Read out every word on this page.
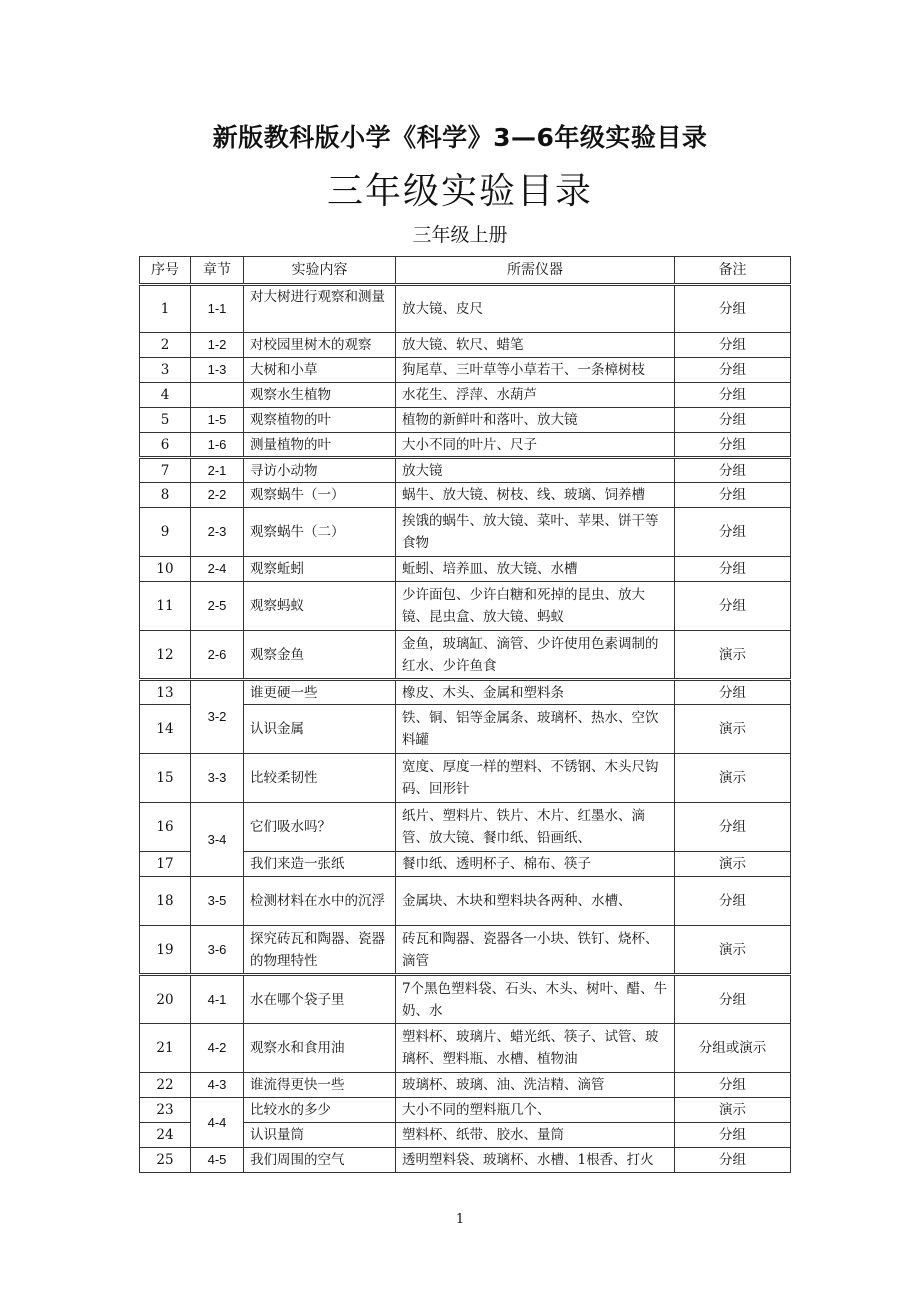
新版教科版小学《科学》3—6年级实验目录
三年级实验目录
三年级上册
序号	章节	实验内容	所需仪器	备注
1	1-1	对大树进行观察和测量	放大镜、皮尺	分组
2	1-2	对校园里树木的观察	放大镜、软尺、蜡笔	分组
3	1-3	大树和小草	狗尾草、三叶草等小草若干、一条樟树枝	分组
4		观察水生植物	水花生、浮萍、水葫芦	分组
5	1-5	观察植物的叶	植物的新鲜叶和落叶、放大镜	分组
6	1-6	测量植物的叶	大小不同的叶片、尺子	分组
7	2-1	寻访小动物	放大镜	分组
8	2-2	观察蜗牛（一）	蜗牛、放大镜、树枝、线、玻璃、饲养槽	分组
9	2-3	观察蜗牛（二）	挨饿的蜗牛、放大镜、菜叶、苹果、饼干等食物	分组
10	2-4	观察蚯蚓	蚯蚓、培养皿、放大镜、水槽	分组
11	2-5	观察蚂蚁	少许面包、少许白糖和死掉的昆虫、放大镜、昆虫盒、放大镜、蚂蚁	分组
12	2-6	观察金鱼	金鱼，玻璃缸、滴管、少许使用色素调制的红水、少许鱼食	演示
13	3-2	谁更硬一些	橡皮、木头、金属和塑料条	分组
14		认识金属	铁、铜、铝等金属条、玻璃杯、热水、空饮料罐	演示
15	3-3	比较柔韧性	宽度、厚度一样的塑料、不锈钢、木头尺钩码、回形针	演示
16	3-4	它们吸水吗？	纸片、塑料片、铁片、木片、红墨水、滴管、放大镜、餐巾纸、铅画纸、	分组
17		我们来造一张纸	餐巾纸、透明杯子、棉布、筷子	演示
18	3-5	检测材料在水中的沉浮	金属块、木块和塑料块各两种、水槽、	分组
19	3-6	探究砖瓦和陶器、瓷器的物理特性	砖瓦和陶器、瓷器各一小块、铁钉、烧杯、滴管	演示
20	4-1	水在哪个袋子里	7个黑色塑料袋、石头、木头、树叶、醋、牛奶、水	分组
21	4-2	观察水和食用油	塑料杯、玻璃片、蜡光纸、筷子、试管、玻璃杯、塑料瓶、水槽、植物油	分组或演示
22	4-3	谁流得更快一些	玻璃杯、玻璃、油、洗洁精、滴管	分组
23	4-4	比较水的多少	大小不同的塑料瓶几个、	演示
24		认识量筒	塑料杯、纸带、胶水、量筒	分组
25	4-5	我们周围的空气	透明塑料袋、玻璃杯、水槽、1根香、打火	分组
1
